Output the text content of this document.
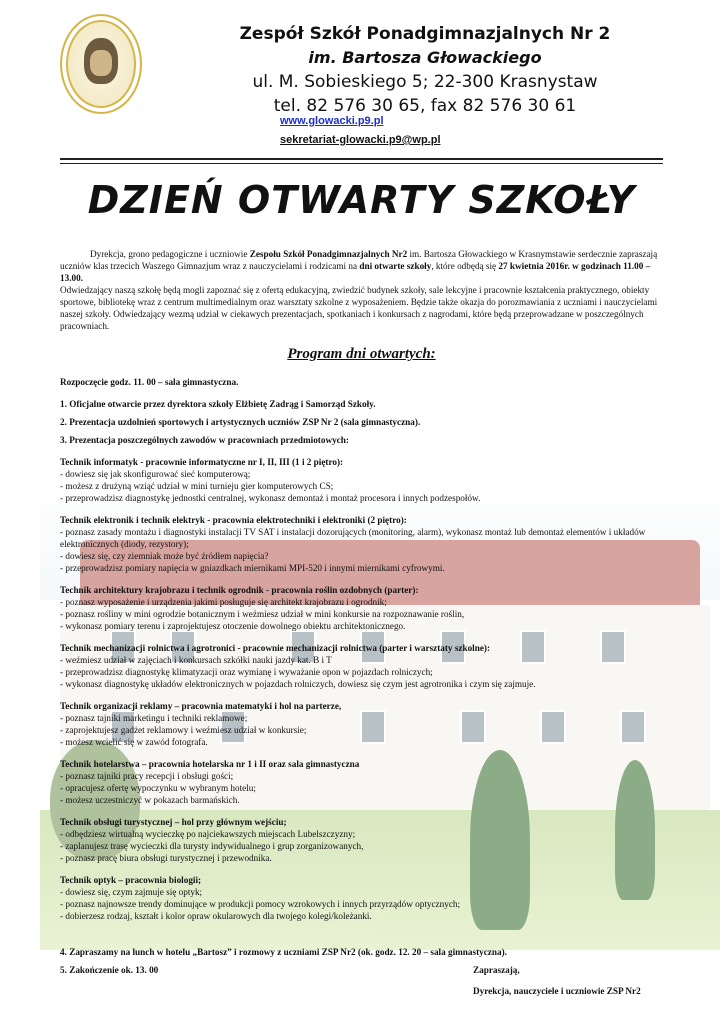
Zespół Szkół Ponadgimnazjalnych Nr 2
im. Bartosza Głowackiego
ul. M. Sobieskiego 5; 22-300 Krasnystaw
tel. 82 576 30 65, fax 82 576 30 61
www.glowacki.p9.pl
sekretariat-glowacki.p9@wp.pl
DZIEŃ OTWARTY SZKOŁY

Dyrekcja, grono pedagogiczne i uczniowie Zespołu Szkół Ponadgimnazjalnych Nr2 im. Bartosza Głowackiego w Krasnymstawie serdecznie zapraszają uczniów klas trzecich Waszego Gimnazjum wraz z nauczycielami i rodzicami na dni otwarte szkoły, które odbędą się 27 kwietnia 2016r. w godzinach 11.00 – 13.00.

Odwiedzający naszą szkołę będą mogli zapoznać się z ofertą edukacyjną, zwiedzić budynek szkoły, sale lekcyjne i pracownie kształcenia praktycznego, obiekty sportowe, bibliotekę wraz z centrum multimedialnym oraz warsztaty szkolne z wyposażeniem. Będzie także okazja do porozmawiania z uczniami i nauczycielami naszej szkoły. Odwiedzający wezmą udział w ciekawych prezentacjach, spotkaniach i konkursach z nagrodami, które będą przeprowadzane w poszczególnych pracowniach.

Program dni otwartych:

Rozpoczęcie godz. 11. 00 – sala gimnastyczna.

1. Oficjalne otwarcie przez dyrektora szkoły Elżbietę Zadrąg i Samorząd Szkoły.

2. Prezentacja uzdolnień sportowych i artystycznych uczniów ZSP Nr 2 (sala gimnastyczna).

3. Prezentacja poszczególnych zawodów w pracowniach przedmiotowych:

Technik informatyk - pracownie informatyczne nr I, II, III (1 i 2 piętro):

- dowiesz się jak skonfigurować sieć komputerową;

- możesz z drużyną wziąć udział w mini turnieju gier komputerowych CS;

- przeprowadzisz diagnostykę jednostki centralnej, wykonasz demontaż i montaż procesora i innych podzespołów.

Technik elektronik i technik elektryk - pracownia elektrotechniki i elektroniki (2 piętro):

- poznasz zasady montażu i diagnostyki instalacji TV SAT i instalacji dozorujących (monitoring, alarm), wykonasz montaż lub demontaż elementów i układów elektronicznych (diody, rezystory);

- dowiesz się, czy ziemniak może być źródłem napięcia?

- przeprowadzisz pomiary napięcia w gniazdkach miernikami MPI-520 i innymi miernikami cyfrowymi.

Technik architektury krajobrazu i technik ogrodnik - pracownia roślin ozdobnych (parter):

- poznasz wyposażenie i urządzenia jakimi posługuje się architekt krajobrazu i ogrodnik;

- poznasz rośliny w mini ogrodzie botanicznym i weźmiesz udział w mini konkursie na rozpoznawanie roślin,

- wykonasz pomiary terenu i zaprojektujesz otoczenie dowolnego obiektu architektonicznego.

Technik mechanizacji rolnictwa i agrotronici - pracownie mechanizacji rolnictwa (parter i warsztaty szkolne):

- weźmiesz udział w zajęciach i konkursach szkółki nauki jazdy kat. B i T

- przeprowadzisz diagnostykę klimatyzacji oraz wymianę i wyważanie opon w pojazdach rolniczych;

- wykonasz diagnostykę układów elektronicznych w pojazdach rolniczych, dowiesz się czym jest agrotronika i czym się zajmuje.

Technik organizacji reklamy – pracownia matematyki i hol na parterze,

- poznasz tajniki marketingu i techniki reklamowe;

- zaprojektujesz gadżet reklamowy i weźmiesz udział w konkursie;

- możesz wcielić się w zawód fotografa.

Technik hotelarstwa – pracownia hotelarska nr 1 i II oraz sala gimnastyczna

- poznasz tajniki pracy recepcji i obsługi gości;

- opracujesz ofertę wypoczynku w wybranym hotelu;

- możesz uczestniczyć w pokazach barmańskich.

Technik obsługi turystycznej – hol przy głównym wejściu;

- odbędziesz wirtualną wycieczkę po najciekawszych miejscach Lubelszczyzny;

- zaplanujesz trasę wycieczki dla turysty indywidualnego i grup zorganizowanych,

- poznasz pracę biura obsługi turystycznej i przewodnika.

Technik optyk – pracownia biologii;

- dowiesz się, czym zajmuje się optyk;

- poznasz najnowsze trendy dominujące w produkcji pomocy wzrokowych i innych przyrządów optycznych;

- dobierzesz rodzaj, kształt i kolor opraw okularowych dla twojego kolegi/koleżanki.

4. Zapraszamy na lunch w hotelu „Bartosz” i rozmowy z uczniami ZSP Nr2 (ok. godz. 12. 20 – sala gimnastyczna).
5. Zakończenie ok. 13. 00	Zapraszają,
Dyrekcja, nauczyciele i uczniowie ZSP Nr2
